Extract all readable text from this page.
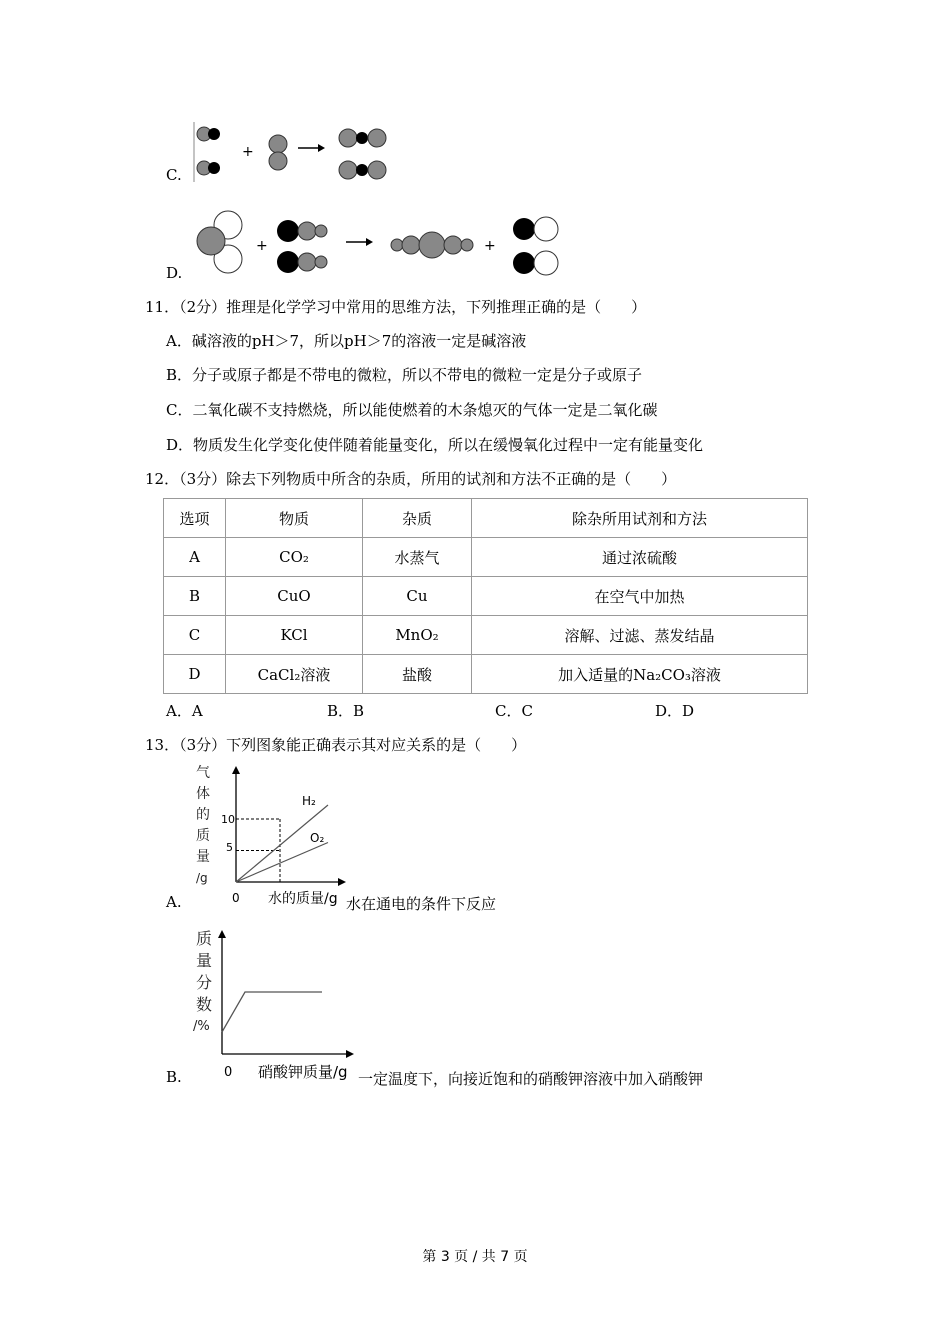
C.
+
D.
+	+
11．（2分）推理是化学学习中常用的思维方法，下列推理正确的是（　　）
A．碱溶液的pH＞7，所以pH＞7的溶液一定是碱溶液
B．分子或原子都是不带电的微粒，所以不带电的微粒一定是分子或原子
C．二氧化碳不支持燃烧，所以能使燃着的木条熄灭的气体一定是二氧化碳
D．物质发生化学变化使伴随着能量变化，所以在缓慢氧化过程中一定有能量变化
12．（3分）除去下列物质中所含的杂质，所用的试剂和方法不正确的是（　　）
选项	物质	杂质	除杂所用试剂和方法
A	CO₂	水蒸气	通过浓硫酸
B	CuO	Cu	在空气中加热
C	KCl	MnO₂	溶解、过滤、蒸发结晶
D	CaCl₂溶液	盐酸	加入适量的Na₂CO₃溶液
A．A	B．B	C．C	D．D
13．（3分）下列图象能正确表示其对应关系的是（　　）
A.
气
体
的
质
量
/g
10
5
H₂
O₂
0 水的质量/g 水在通电的条件下反应
B.
质
量
分
数
/%
0 硝酸钾质量/g 一定温度下，向接近饱和的硝酸钾溶液中加入硝酸钾
第 3 页 / 共 7 页
